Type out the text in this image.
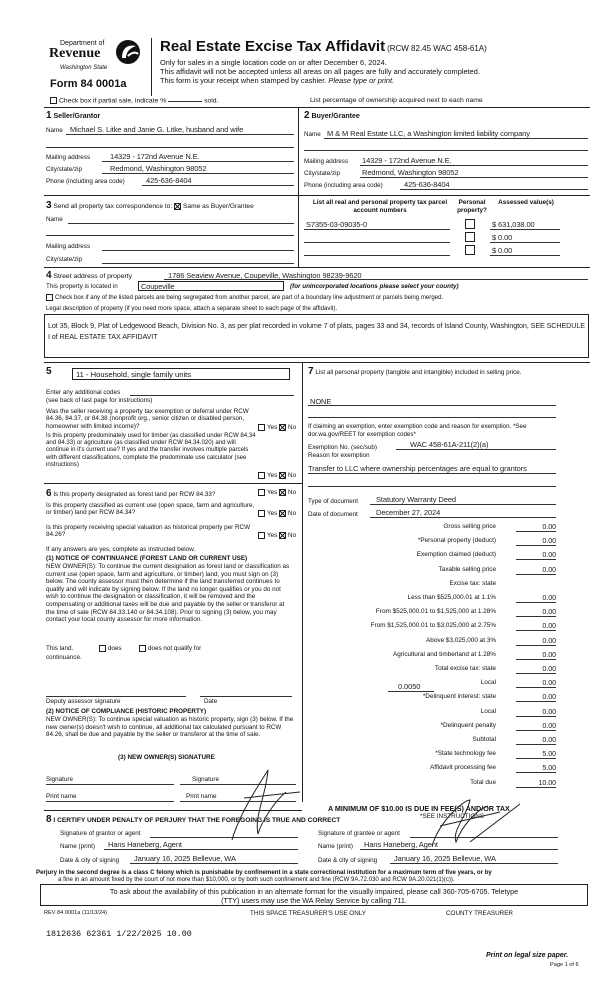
Department of
Revenue
Washington State
Form 84 0001a
Real Estate Excise Tax Affidavit (RCW 82.45 WAC 458-61A)
Only for sales in a single location code on or after December 6, 2024.
This affidavit will not be accepted unless all areas on all pages are fully and accurately completed.
This form is your receipt when stamped by cashier. Please type or print.
Check box if partial sale, indicate %	sold.	List percentage of ownership acquired next to each name
1 Seller/Grantor
Name Michael S. Litke and Janie G. Litke, husband and wife
Mailing address	14329 - 172nd Avenue N.E.
City/state/zip	Redmond, Washington 98052
Phone (including area code)	425-636-8404
2 Buyer/Grantee
Name M & M Real Estate LLC, a Washington limited liability company
Mailing address 14329 - 172nd Avenue N.E.
City/state/zip	Redmond, Washington 98052
Phone (including area code)	425-636-8404
3 Send all property tax correspondence to: Same as Buyer/Grantee
Name
Mailing address
City/state/zip
List all real and personal property tax parcel account numbers
Personal property?
Assessed value(s)
S7355-03-09035-0	$ 631,038.00
$ 0.00
$ 0.00
4 Street address of property	1786 Seaview Avenue, Coupeville, Washington 98239-9620
This property is located in	Coupeville	(for unincorporated locations please select your county)
Check box if any of the listed parcels are being segregated from another parcel, are part of a boundary line adjustment or parcels being merged.
Legal description of property (if you need more space, attach a separate sheet to each page of the affidavit).
Lot 35, Block 9, Plat of Ledgewood Beach, Division No. 3, as per plat recorded in volume 7 of plats, pages 33 and 34, records of Island County, Washington, SEE SCHEDULE I of REAL ESTATE TAX AFFIDAVIT
5	11 - Household, single family units
Enter any additional codes
(see back of last page for instructions)
Was the seller receiving a property tax exemption or deferral under RCW 84.36, 84.37, or 84.38 (nonprofit org., senior citizen or disabled person, homeowner with limited income)?	Yes No
Is this property predominately used for timber (as classified under RCW 84.34 and 84.33) or agriculture (as classified under RCW 84.34.020) and will continue in it's current use? If yes and the transfer involves multiple parcels with different classifications, complete the predominate use calculator (see instructions)
Yes No
6 Is this property designated as forest land per RCW 84.33?	Yes No
Is this property classified as current use (open space, farm and agriculture, or timber) land per RCW 84.34?	Yes No
Is this property receiving special valuation as historical property per RCW 84.26?	Yes No
If any answers are yes, complete as instructed below.
(1) NOTICE OF CONTINUANCE (FOREST LAND OR CURRENT USE)
NEW OWNER(S): To continue the current designation as forest land or classification as current use (open space, farm and agriculture, or timber) land, you must sign on (3) below. The county assessor must then determine if the land transferred continues to qualify and will indicate by signing below. If the land no longer qualifies or you do not wish to continue the designation or classification, it will be removed and the compensating or additional taxes will be due and payable by the seller or transferor at the time of sale (RCW 84.33.140 or 84.34.108). Prior to signing (3) below, you may contact your local county assessor for more information.
This land.	does	does not qualify for
continuance.
Deputy assessor signature	Date
(2) NOTICE OF COMPLIANCE (HISTORIC PROPERTY)
NEW OWNER(S): To continue special valuation as historic property, sign (3) below. If the new owner(s) doesn't wish to continue, all additional tax calculated pursuant to RCW 84.26, shall be due and payable by the seller or transferor at the time of sale.
(3) NEW OWNER(S) SIGNATURE
Signature	Signature
Print name	Print name
7 List all personal property (tangible and intangible) included in selling price.
NONE
If claiming an exemption, enter exemption code and reason for exemption. *See dor.wa.gov/REET for exemption codes*
Exemption No. (sec/sub)	WAC 458-61A-211(2)(a)
Reason for exemption
Transfer to LLC where ownership percentages are equal to grantors
Type of document Statutory Warranty Deed
Date of document December 27, 2024
Gross selling price	0.00
*Personal property (deduct)	0.00
Exemption claimed (deduct)	0.00
Taxable selling price	0.00
Excise tax: state
Less than $525,000.01 at 1.1%	0.00
From $525,000.01 to $1,525,000 at 1.28%	0.00
From $1,525,000.01 to $3,025,000 at 2.75%	0.00
Above $3,025,000 at 3%	0.00
Agricultural and timberland at 1.28%	0.00
Total excise tax: state	0.00
Local	0.00
*Delinquent interest: state	0.00
Local	0.00
*Delinquent penalty	0.00
Subtotal	0.00
*State technology fee	5.00
Affidavit processing fee	5.00
Total due	10.00
0.0050
A MINIMUM OF $10.00 IS DUE IN FEE(S) AND/OR TAX
*SEE INSTRUCTIONS
8 I CERTIFY UNDER PENALTY OF PERJURY THAT THE FOREGOING IS TRUE AND CORRECT
Signature of grantor or agent
Name (print) Hans Haneberg, Agent
Date & city of signing January 16, 2025 Bellevue, WA
Signature of grantee or agent
Name (print) Hans Haneberg, Agent
Date & city of signing January 16, 2025 Bellevue, WA
Perjury in the second degree is a class C felony which is punishable by confinement in a state correctional institution for a maximum term of five years, or by
a fine in an amount fixed by the court of not more than $10,000, or by both such confinement and fine (RCW 9A.72.030 and RCW 9A.20.021(1)(c)).
To ask about the availability of this publication in an alternate format for the visually impaired, please call 360-705-6705. Teletype
(TTY) users may use the WA Relay Service by calling 711.
REV 84 0001a (11/13/24)	THIS SPACE TREASURER'S USE ONLY	COUNTY TREASURER
1812636 62361 1/22/2025 10.00
Print on legal size paper.
Page 1 of 6
